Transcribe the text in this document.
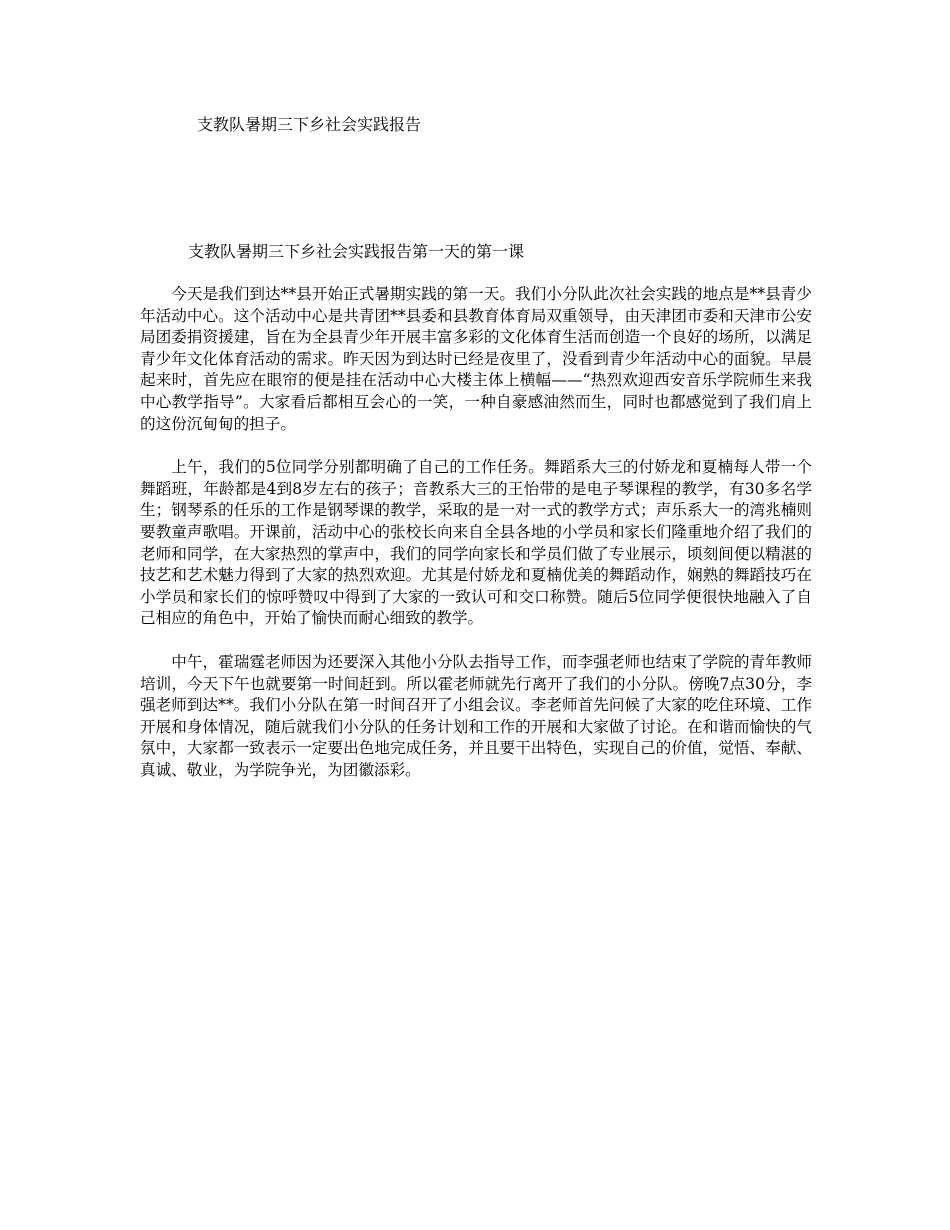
支教队暑期三下乡社会实践报告
支教队暑期三下乡社会实践报告第一天的第一课

今天是我们到达**县开始正式暑期实践的第一天。我们小分队此次社会实践的地点是**县青少年活动中心。这个活动中心是共青团**县委和县教育体育局双重领导，由天津团市委和天津市公安局团委捐资援建，旨在为全县青少年开展丰富多彩的文化体育生活而创造一个良好的场所，以满足青少年文化体育活动的需求。昨天因为到达时已经是夜里了，没看到青少年活动中心的面貌。早晨起来时，首先应在眼帘的便是挂在活动中心大楼主体上横幅——“热烈欢迎西安音乐学院师生来我中心教学指导”。大家看后都相互会心的一笑，一种自豪感油然而生，同时也都感觉到了我们肩上的这份沉甸甸的担子。

上午，我们的5位同学分别都明确了自己的工作任务。舞蹈系大三的付娇龙和夏楠每人带一个舞蹈班，年龄都是4到8岁左右的孩子；音教系大三的王怡带的是电子琴课程的教学，有30多名学生；钢琴系的任乐的工作是钢琴课的教学，采取的是一对一式的教学方式；声乐系大一的湾兆楠则要教童声歌唱。开课前，活动中心的张校长向来自全县各地的小学员和家长们隆重地介绍了我们的老师和同学，在大家热烈的掌声中，我们的同学向家长和学员们做了专业展示，顷刻间便以精湛的技艺和艺术魅力得到了大家的热烈欢迎。尤其是付娇龙和夏楠优美的舞蹈动作，娴熟的舞蹈技巧在小学员和家长们的惊呼赞叹中得到了大家的一致认可和交口称赞。随后5位同学便很快地融入了自己相应的角色中，开始了愉快而耐心细致的教学。

中午，霍瑞霆老师因为还要深入其他小分队去指导工作，而李强老师也结束了学院的青年教师培训，今天下午也就要第一时间赶到。所以霍老师就先行离开了我们的小分队。傍晚7点30分，李强老师到达**。我们小分队在第一时间召开了小组会议。李老师首先问候了大家的吃住环境、工作开展和身体情况，随后就我们小分队的任务计划和工作的开展和大家做了讨论。在和谐而愉快的气氛中，大家都一致表示一定要出色地完成任务，并且要干出特色，实现自己的价值，觉悟、奉献、真诚、敬业，为学院争光，为团徽添彩。
